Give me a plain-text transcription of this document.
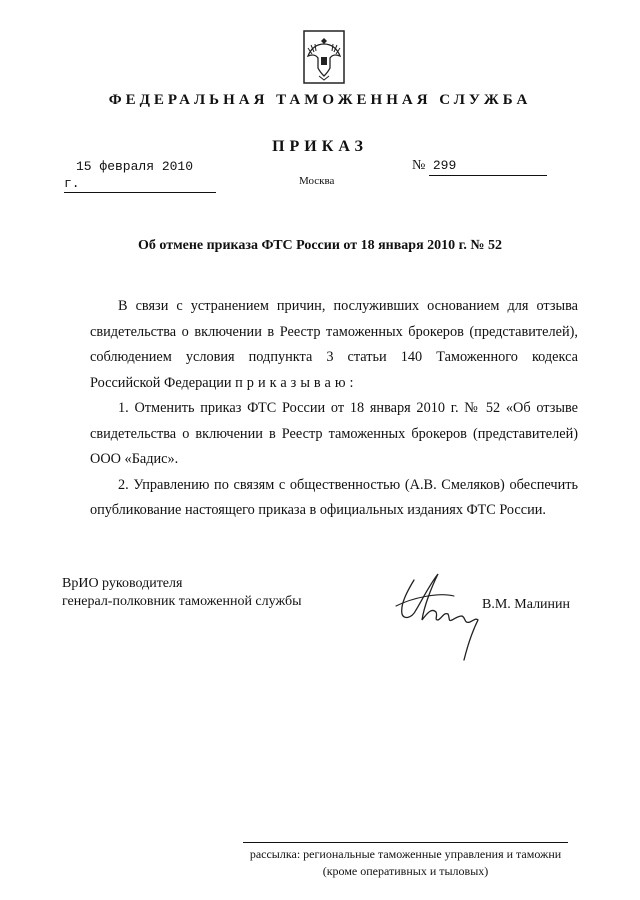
ФЕДЕРАЛЬНАЯ ТАМОЖЕННАЯ СЛУЖБА
ПРИКАЗ
15 февраля 2010 г.
№ 299
Москва
Об отмене приказа ФТС России от 18 января 2010 г. № 52

В связи с устранением причин, послуживших основанием для отзыва свидетельства о включении в Реестр таможенных брокеров (представителей), соблюдением условия подпункта 3 статьи 140 Таможенного кодекса Российской Федерации приказываю:

1. Отменить приказ ФТС России от 18 января 2010 г. № 52 «Об отзыве свидетельства о включении в Реестр таможенных брокеров (представителей) ООО «Бадис».

2. Управлению по связям с общественностью (А.В. Смеляков) обеспечить опубликование настоящего приказа в официальных изданиях ФТС России.

ВрИО руководителя
генерал-полковник таможенной службы	В.М. Малинин
рассылка: региональные таможенные управления и таможни
(кроме оперативных и тыловых)
